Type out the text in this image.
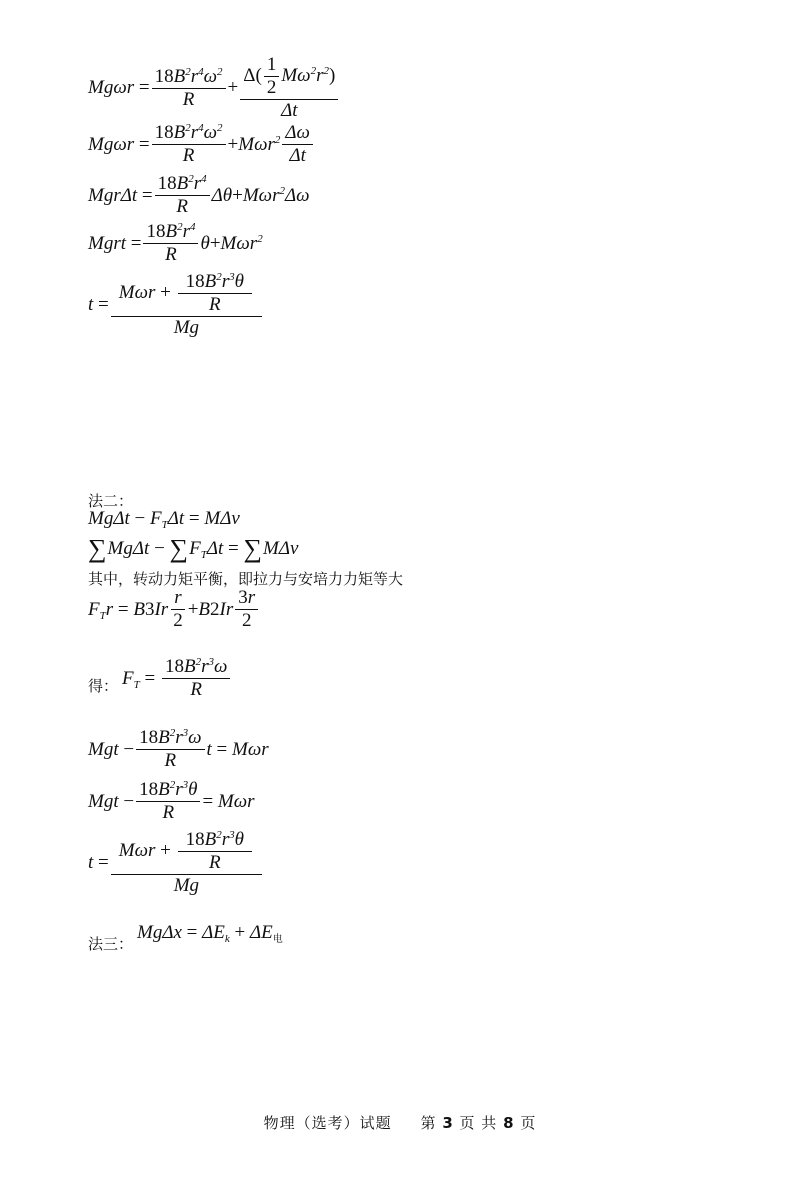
Mgωr
= $\frac{18B^2r^4\omega^2}{R} + \frac{\Delta( \frac{1}{2} M\omega^2r^2)}{\Delta t}$
Mgωr
= $\frac{18B^2r^4\omega^2}{R} + M\omega r^2 \frac{\Delta\omega}{\Delta t}$
MgrΔt
= $\frac{18B^2r^4}{R}$ Δθ + Mωr$^2$Δω
Mgrt
= $\frac{18B^2r^4}{R}$ θ + Mωr$^2$
t
= $\frac{M\omega r + \frac{18B^2r^3\theta}{R}}{Mg}$
法二：
$Mg\Delta t - F_T\Delta t = M\Delta v$
∑ MgΔt − ∑ $F_T\Delta t$ = ∑ MΔv
其中，转动力矩平衡，即拉力与安培力力矩等大
$F_Tr = B3Ir \frac{r}{2} + B2Ir \frac{3r}{2}$
得： $F_T = \frac{18B^2r^3\omega}{R}$
Mgt − $\frac{18B^2r^3\omega}{R}$ t = Mωr
Mgt − $\frac{18B^2r^3\theta}{R} = M\omega r$
t
= $\frac{M\omega r + \frac{18B^2r^3\theta}{R}}{Mg}$
法三：
$Mg\Delta x = \Delta E_k + \Delta E_电$
物理（选考）试题 第 3 页 共 8 页
